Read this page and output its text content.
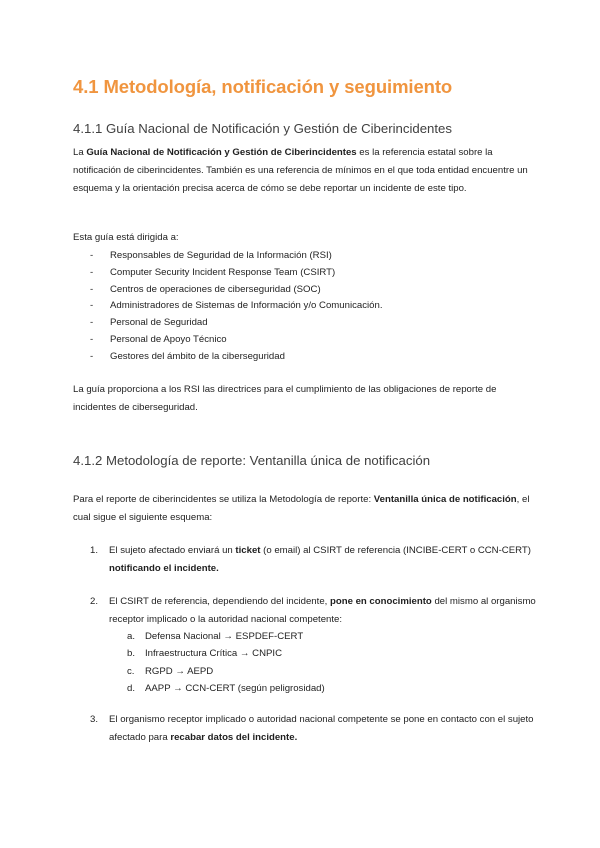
4.1 Metodología, notificación y seguimiento
4.1.1 Guía Nacional de Notificación y Gestión de Ciberincidentes

La Guía Nacional de Notificación y Gestión de Ciberincidentes es la referencia estatal sobre la notificación de ciberincidentes. También es una referencia de mínimos en el que toda entidad encuentre un esquema y la orientación precisa acerca de cómo se debe reportar un incidente de este tipo.

Esta guía está dirigida a:

- Responsables de Seguridad de la Información (RSI)
- Computer Security Incident Response Team (CSIRT)
- Centros de operaciones de ciberseguridad (SOC)
- Administradores de Sistemas de Información y/o Comunicación.
- Personal de Seguridad
- Personal de Apoyo Técnico
- Gestores del ámbito de la ciberseguridad

La guía proporciona a los RSI las directrices para el cumplimiento de las obligaciones de reporte de incidentes de ciberseguridad.

4.1.2 Metodología de reporte: Ventanilla única de notificación

Para el reporte de ciberincidentes se utiliza la Metodología de reporte: Ventanilla única de notificación, el cual sigue el siguiente esquema:

1. El sujeto afectado enviará un ticket (o email) al CSIRT de referencia (INCIBE-CERT o CCN-CERT) notificando el incidente.
2. El CSIRT de referencia, dependiendo del incidente, pone en conocimiento del mismo al organismo receptor implicado o la autoridad nacional competente:
a. Defensa Nacional → ESPDEF-CERT
b. Infraestructura Crítica → CNPIC
c. RGPD → AEPD
d. AAPP → CCN-CERT (según peligrosidad)
3. El organismo receptor implicado o autoridad nacional competente se pone en contacto con el sujeto afectado para recabar datos del incidente.
